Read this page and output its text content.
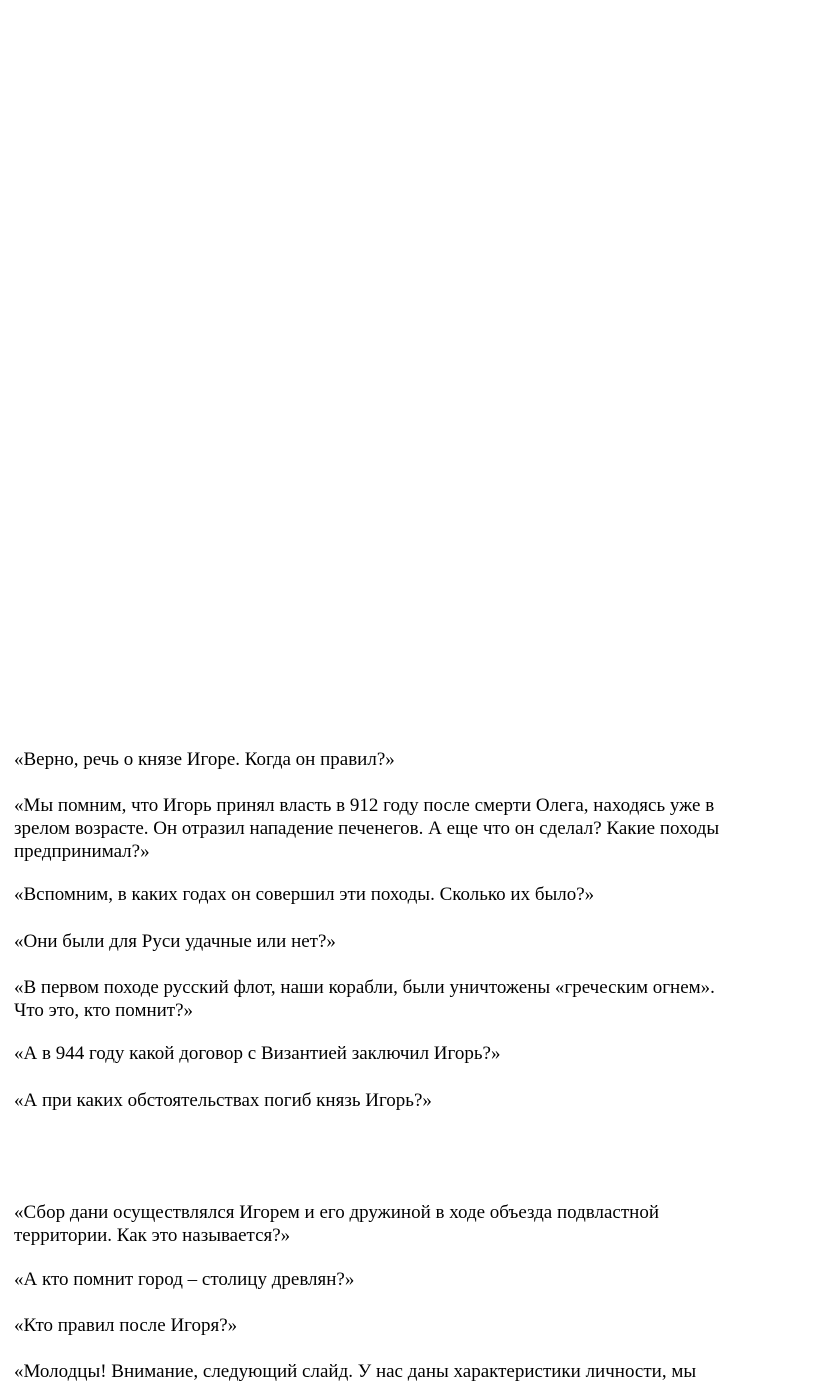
«Верно, речь о князе Игоре. Когда он правил?»

«Мы помним, что Игорь принял власть в 912 году после смерти Олега, находясь уже в
зрелом возрасте. Он отразил нападение печенегов. А еще что он сделал? Какие походы
предпринимал?»

«Вспомним, в каких годах он совершил эти походы. Сколько их было?»

«Они были для Руси удачные или нет?»

«В первом походе русский флот, наши корабли, были уничтожены «греческим огнем».
Что это, кто помнит?»

«А в 944 году какой договор с Византией заключил Игорь?»

«А при каких обстоятельствах погиб князь Игорь?»

«Сбор дани осуществлялся Игорем и его дружиной в ходе объезда подвластной
территории. Как это называется?»

«А кто помнит город – столицу древлян?»

«Кто правил после Игоря?»

«Молодцы! Внимание, следующий слайд. У нас даны характеристики личности, мы
